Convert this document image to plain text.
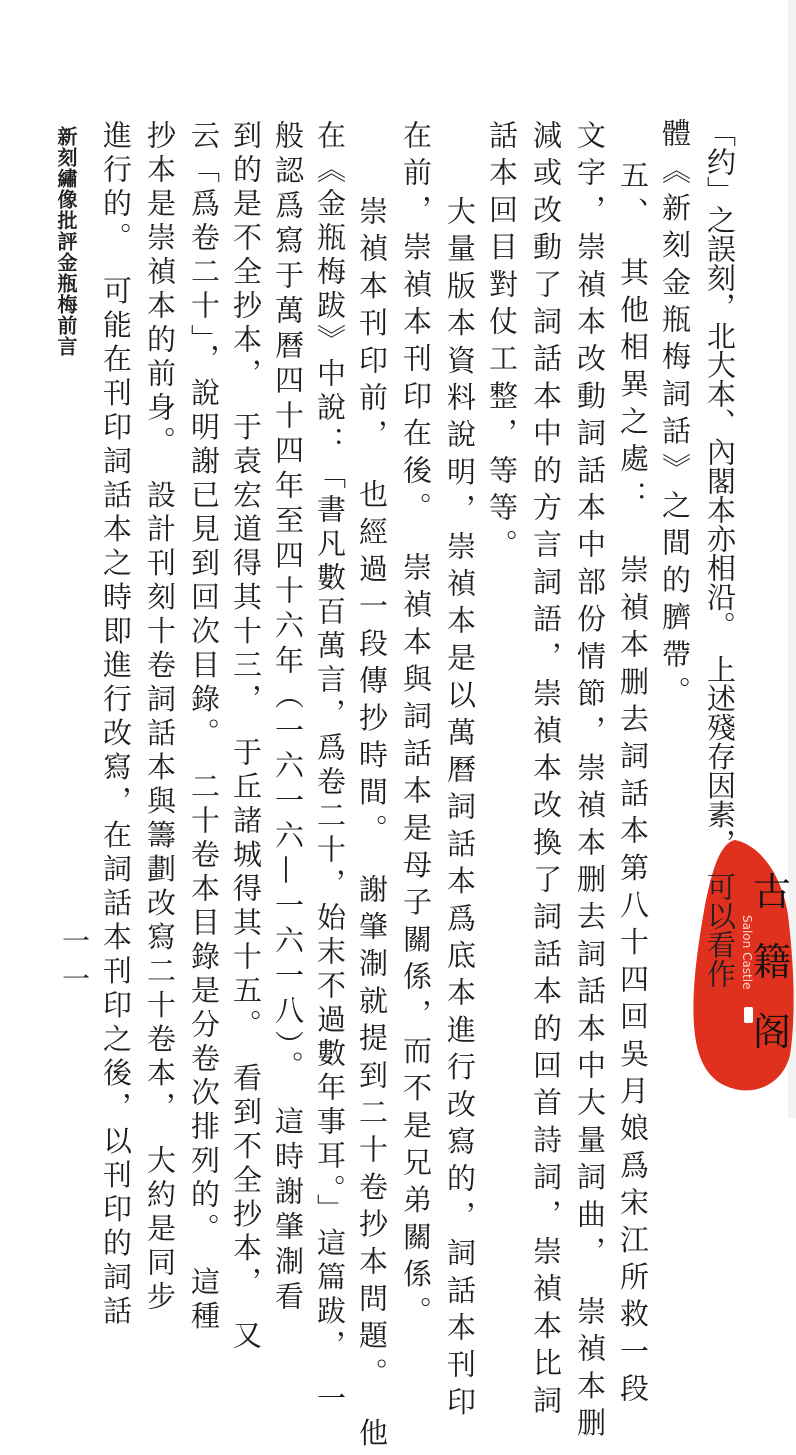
「约」之誤刻，北大本、內閣本亦相沿。　上述殘存因素，　可以看作
體《新刻金瓶梅詞話》之間的臍帶。
五、　其他相異之處：　崇禎本删去詞話本第八十四回吳月娘爲宋江所救一段
文字，崇禎本改動詞話本中部份情節，崇禎本删去詞話本中大量詞曲，　崇禎本删
減或改動了詞話本中的方言詞語，崇禎本改換了詞話本的回首詩詞，崇禎本比詞
話本回目對仗工整，等等。
大量版本資料說明，崇禎本是以萬曆詞話本爲底本進行改寫的，詞話本刊印
在前，崇禎本刊印在後。　崇禎本與詞話本是母子關係，而不是兄弟關係。
崇禎本刊印前，　也經過一段傳抄時間。　謝肇淛就提到二十卷抄本問題。　他
在《金瓶梅跋》中說：「書凡數百萬言，爲卷二十，始末不過數年事耳。」這篇跋，　一
般認爲寫于萬曆四十四年至四十六年（一六一六—一六一八）。　這時謝肇淛看
到的是不全抄本，　于袁宏道得其十三，　于丘諸城得其十五。　看到不全抄本，　又
云「爲卷二十」，說明謝已見到回次目錄。　二十卷本目錄是分卷次排列的。　這種
抄本是崇禎本的前身。　設計刊刻十卷詞話本與籌劃改寫二十卷本，　大約是同步
進行的。　可能在刊印詞話本之時即進行改寫，在詞話本刊印之後，以刊印的詞話
新刻繡像批評金瓶梅前言
一一
古
籍
阁
Salon Castle
